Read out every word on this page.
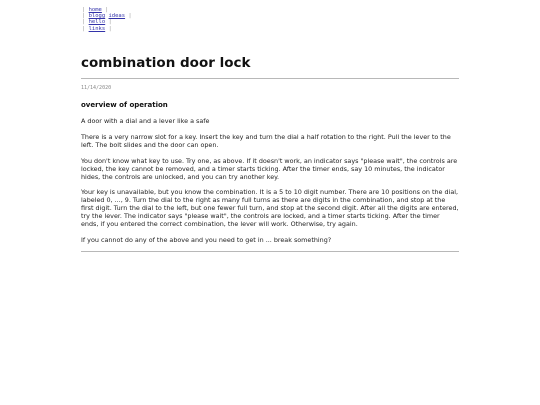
| home |
| blogg ideas |
| hello |
| links |
combination door lock
11/14/2020
overview of operation

A door with a dial and a lever like a safe

There is a very narrow slot for a key. Insert the key and turn the dial a half rotation to the right. Pull the lever to the left. The bolt slides and the door can open.

You don't know what key to use. Try one, as above. If it doesn't work, an indicator says "please wait", the controls are locked, the key cannot be removed, and a timer starts ticking. After the timer ends, say 10 minutes, the indicator hides, the controls are unlocked, and you can try another key.

Your key is unavailable, but you know the combination. It is a 5 to 10 digit number. There are 10 positions on the dial, labeled 0, ..., 9. Turn the dial to the right as many full turns as there are digits in the combination, and stop at the first digit. Turn the dial to the left, but one fewer full turn, and stop at the second digit. After all the digits are entered, try the lever. The indicator says "please wait", the controls are locked, and a timer starts ticking. After the timer ends, if you entered the correct combination, the lever will work. Otherwise, try again.

If you cannot do any of the above and you need to get in ... break something?
